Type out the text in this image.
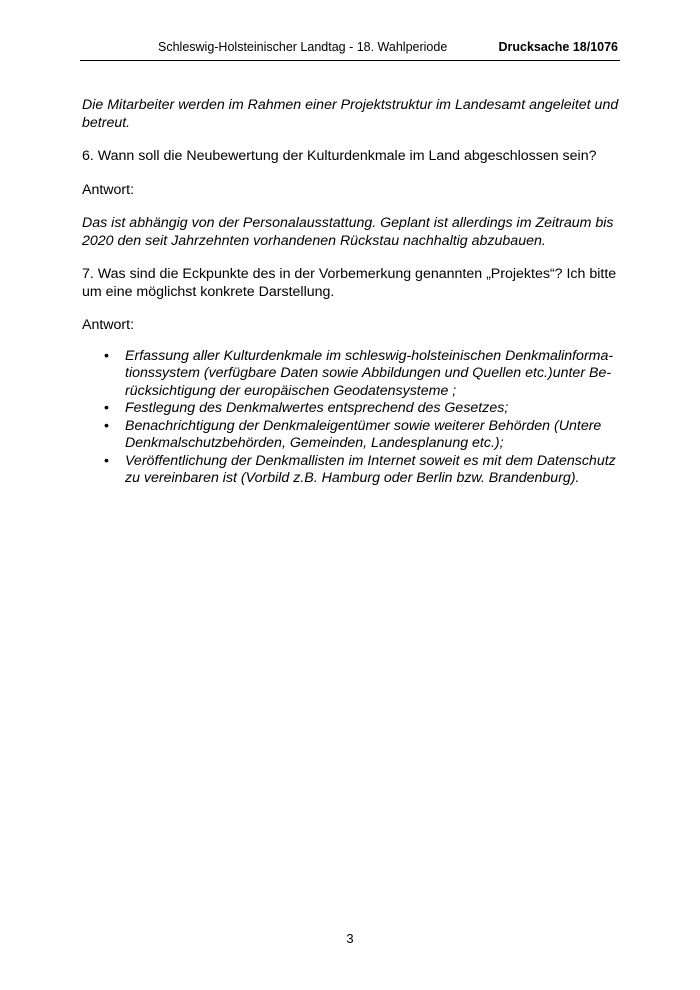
Schleswig-Holsteinischer Landtag - 18. Wahlperiode	Drucksache 18/1076

Die Mitarbeiter werden im Rahmen einer Projektstruktur im Landesamt angeleitet und betreut.

6. Wann soll die Neubewertung der Kulturdenkmale im Land abgeschlossen sein?

Antwort:

Das ist abhängig von der Personalausstattung. Geplant ist allerdings im Zeitraum bis 2020 den seit Jahrzehnten vorhandenen Rückstau nachhaltig abzubauen.

7. Was sind die Eckpunkte des in der Vorbemerkung genannten „Projektes“? Ich bitte um eine möglichst konkrete Darstellung.

Antwort:

• Erfassung aller Kulturdenkmale im schleswig-holsteinischen Denkmalinforma-tionssystem (verfügbare Daten sowie Abbildungen und Quellen etc.)unter Be-rücksichtigung der europäischen Geodatensysteme ;
• Festlegung des Denkmalwertes entsprechend des Gesetzes;
• Benachrichtigung der Denkmaleigentümer sowie weiterer Behörden (Untere Denkmalschutzbehörden, Gemeinden, Landesplanung etc.);
• Veröffentlichung der Denkmallisten im Internet soweit es mit dem Datenschutz zu vereinbaren ist (Vorbild z.B. Hamburg oder Berlin bzw. Brandenburg).
3
